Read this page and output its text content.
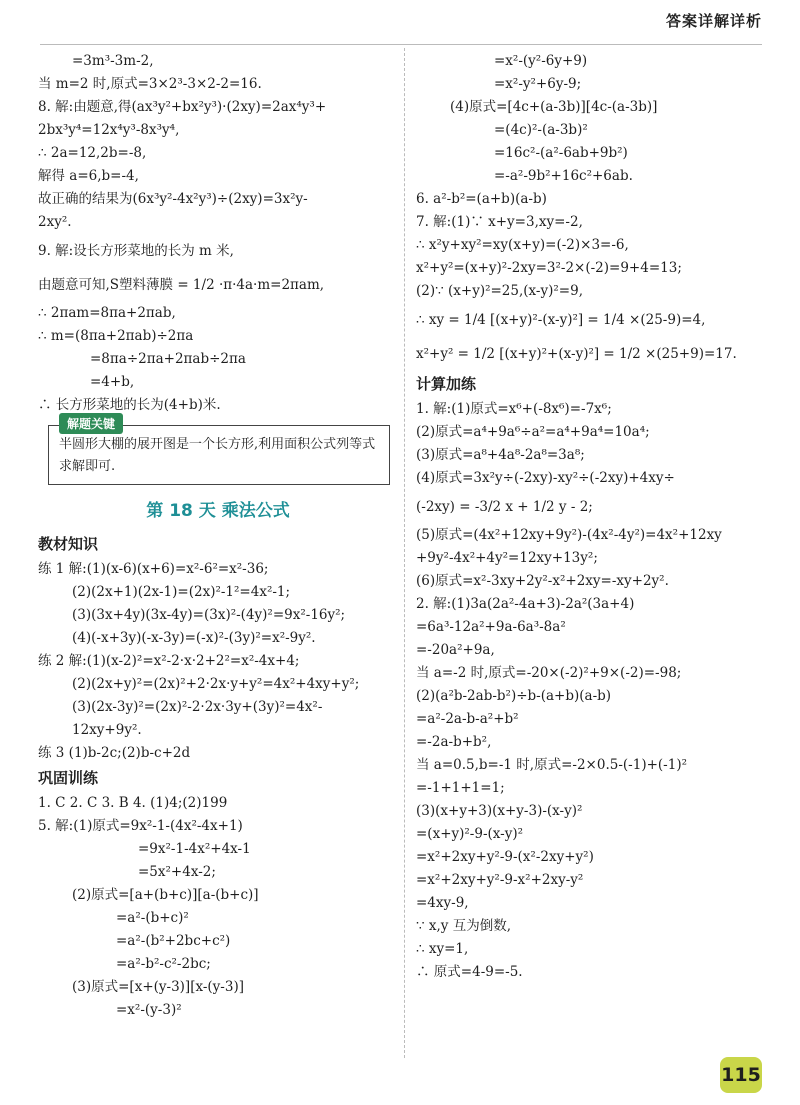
答案详解详析
=3m³-3m-2,
当 m=2 时,原式=3×2³-3×2-2=16.
8. 解:由题意,得(ax³y²+bx²y³)·(2xy)=2ax⁴y³+
2bx³y⁴=12x⁴y³-8x³y⁴,
∴ 2a=12,2b=-8,
解得 a=6,b=-4,
故正确的结果为(6x³y²-4x²y³)÷(2xy)=3x²y-
2xy².
9. 解:设长方形菜地的长为 m 米,
由题意可知,S塑料薄膜 = 1/2 ·π·4a·m=2πam,
∴ 2πam=8πa+2πab,
∴ m=(8πa+2πab)÷2πa
=8πa÷2πa+2πab÷2πa
=4+b,
∴ 长方形菜地的长为(4+b)米.
解题关键
半圆形大棚的展开图是一个长方形,利用面积公式列等式求解即可.
第 18 天 乘法公式
教材知识
练 1 解:(1)(x-6)(x+6)=x²-6²=x²-36;
(2)(2x+1)(2x-1)=(2x)²-1²=4x²-1;
(3)(3x+4y)(3x-4y)=(3x)²-(4y)²=9x²-16y²;
(4)(-x+3y)(-x-3y)=(-x)²-(3y)²=x²-9y².
练 2 解:(1)(x-2)²=x²-2·x·2+2²=x²-4x+4;
(2)(2x+y)²=(2x)²+2·2x·y+y²=4x²+4xy+y²;
(3)(2x-3y)²=(2x)²-2·2x·3y+(3y)²=4x²-
12xy+9y².
练 3 (1)b-2c;(2)b-c+2d
巩固训练
1. C 2. C 3. B 4. (1)4;(2)199
5. 解:(1)原式=9x²-1-(4x²-4x+1)
=9x²-1-4x²+4x-1
=5x²+4x-2;
(2)原式=[a+(b+c)][a-(b+c)]
=a²-(b+c)²
=a²-(b²+2bc+c²)
=a²-b²-c²-2bc;
(3)原式=[x+(y-3)][x-(y-3)]
=x²-(y-3)²
=x²-(y²-6y+9)
=x²-y²+6y-9;
(4)原式=[4c+(a-3b)][4c-(a-3b)]
=(4c)²-(a-3b)²
=16c²-(a²-6ab+9b²)
=-a²-9b²+16c²+6ab.
6. a²-b²=(a+b)(a-b)
7. 解:(1)∵ x+y=3,xy=-2,
∴ x²y+xy²=xy(x+y)=(-2)×3=-6,
x²+y²=(x+y)²-2xy=3²-2×(-2)=9+4=13;
(2)∵ (x+y)²=25,(x-y)²=9,
∴ xy = 1/4 [(x+y)²-(x-y)²] = 1/4 ×(25-9)=4,
x²+y² = 1/2 [(x+y)²+(x-y)²] = 1/2 ×(25+9)=17.
计算加练
1. 解:(1)原式=x⁶+(-8x⁶)=-7x⁶;
(2)原式=a⁴+9a⁶÷a²=a⁴+9a⁴=10a⁴;
(3)原式=a⁸+4a⁸-2a⁸=3a⁸;
(4)原式=3x²y÷(-2xy)-xy²÷(-2xy)+4xy÷
(-2xy) = -3/2 x + 1/2 y - 2;
(5)原式=(4x²+12xy+9y²)-(4x²-4y²)=4x²+12xy
+9y²-4x²+4y²=12xy+13y²;
(6)原式=x²-3xy+2y²-x²+2xy=-xy+2y².
2. 解:(1)3a(2a²-4a+3)-2a²(3a+4)
=6a³-12a²+9a-6a³-8a²
=-20a²+9a,
当 a=-2 时,原式=-20×(-2)²+9×(-2)=-98;
(2)(a²b-2ab-b²)÷b-(a+b)(a-b)
=a²-2a-b-a²+b²
=-2a-b+b²,
当 a=0.5,b=-1 时,原式=-2×0.5-(-1)+(-1)²
=-1+1+1=1;
(3)(x+y+3)(x+y-3)-(x-y)²
=(x+y)²-9-(x-y)²
=x²+2xy+y²-9-(x²-2xy+y²)
=x²+2xy+y²-9-x²+2xy-y²
=4xy-9,
∵ x,y 互为倒数,
∴ xy=1,
∴ 原式=4-9=-5.
115
